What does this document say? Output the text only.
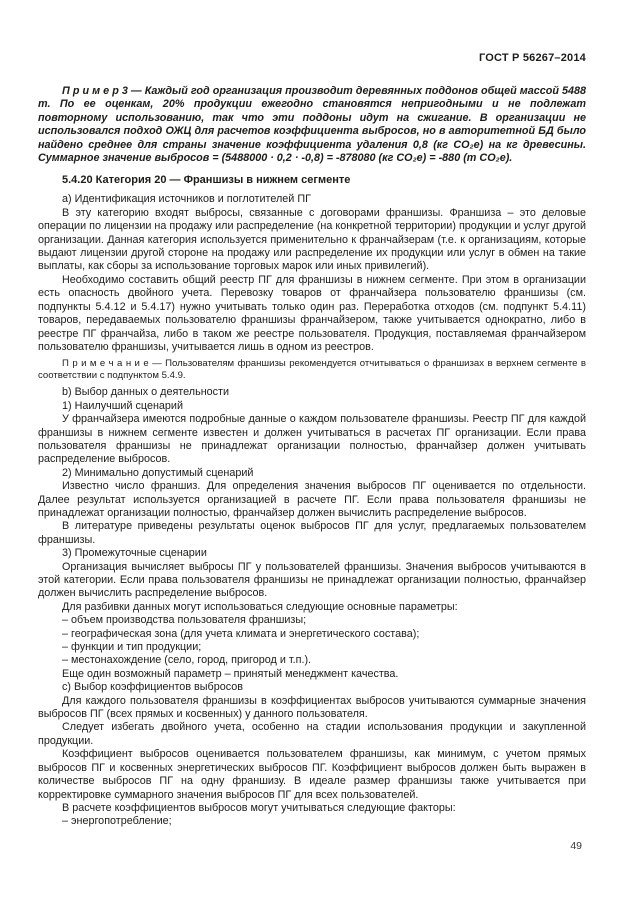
ГОСТ Р 56267–2014

П р и м е р 3 — Каждый год организация производит деревянных поддонов общей массой 5488 т. По ее оценкам, 20% продукции ежегодно становятся непригодными и не подлежат повторному использованию, так что эти поддоны идут на сжигание. В организации не использовался подход ОЖЦ для расчетов коэффициента выбросов, но в авторитетной БД было найдено среднее для страны значение коэффициента удаления 0,8 (кг CO₂е) на кг древесины. Суммарное значение выбросов = (5488000 · 0,2 · -0,8) = -878080 (кг CO₂е) = -880 (т CO₂е).

5.4.20 Категория 20 — Франшизы в нижнем сегменте

а) Идентификация источников и поглотителей ПГ

В эту категорию входят выбросы, связанные с договорами франшизы. Франшиза – это деловые операции по лицензии на продажу или распределение (на конкретной территории) продукции и услуг другой организации. Данная категория используется применительно к франчайзерам (т.е. к организациям, которые выдают лицензии другой стороне на продажу или распределение их продукции или услуг в обмен на такие выплаты, как сборы за использование торговых марок или иных привилегий).

Необходимо составить общий реестр ПГ для франшизы в нижнем сегменте. При этом в организации есть опасность двойного учета. Перевозку товаров от франчайзера пользователю франшизы (см. подпункты 5.4.12 и 5.4.17) нужно учитывать только один раз. Переработка отходов (см. подпункт 5.4.11) товаров, передаваемых пользователю франшизы франчайзером, также учитывается однократно, либо в реестре ПГ франчайза, либо в таком же реестре пользователя. Продукция, поставляемая франчайзером пользователю франшизы, учитывается лишь в одном из реестров.

П р и м е ч а н и е — Пользователям франшизы рекомендуется отчитываться о франшизах в верхнем сегменте в соответствии с подпунктом 5.4.9.

b) Выбор данных о деятельности

1) Наилучший сценарий

У франчайзера имеются подробные данные о каждом пользователе франшизы. Реестр ПГ для каждой франшизы в нижнем сегменте известен и должен учитываться в расчетах ПГ организации. Если права пользователя франшизы не принадлежат организации полностью, франчайзер должен учитывать распределение выбросов.

2) Минимально допустимый сценарий

Известно число франшиз. Для определения значения выбросов ПГ оценивается по отдельности. Далее результат используется организацией в расчете ПГ. Если права пользователя франшизы не принадлежат организации полностью, франчайзер должен вычислить распределение выбросов.

В литературе приведены результаты оценок выбросов ПГ для услуг, предлагаемых пользователем франшизы.

3) Промежуточные сценарии

Организация вычисляет выбросы ПГ у пользователей франшизы. Значения выбросов учитываются в этой категории. Если права пользователя франшизы не принадлежат организации полностью, франчайзер должен вычислить распределение выбросов.

Для разбивки данных могут использоваться следующие основные параметры:

– объем производства пользователя франшизы;

– географическая зона (для учета климата и энергетического состава);

– функции и тип продукции;

– местонахождение (село, город, пригород и т.п.).

Еще один возможный параметр – принятый менеджмент качества.

с) Выбор коэффициентов выбросов

Для каждого пользователя франшизы в коэффициентах выбросов учитываются суммарные значения выбросов ПГ (всех прямых и косвенных) у данного пользователя.

Следует избегать двойного учета, особенно на стадии использования продукции и закупленной продукции.

Коэффициент выбросов оценивается пользователем франшизы, как минимум, с учетом прямых выбросов ПГ и косвенных энергетических выбросов ПГ. Коэффициент выбросов должен быть выражен в количестве выбросов ПГ на одну франшизу. В идеале размер франшизы также учитывается при корректировке суммарного значения выбросов ПГ для всех пользователей.

В расчете коэффициентов выбросов могут учитываться следующие факторы:

– энергопотребление;

49
